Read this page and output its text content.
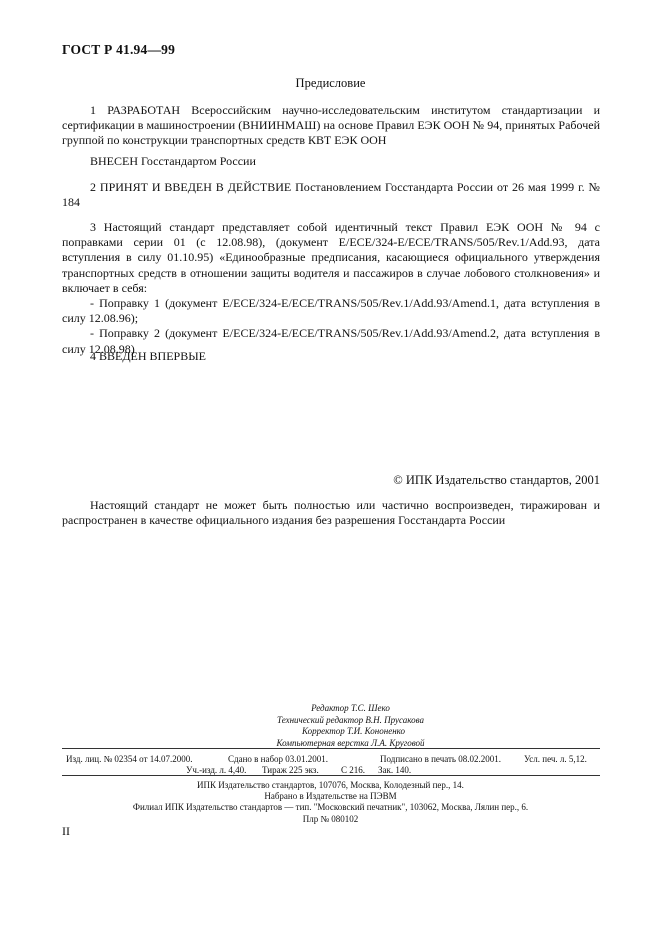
ГОСТ Р 41.94—99
Предисловие

1 РАЗРАБОТАН Всероссийским научно-исследовательским институтом стандартизации и сертификации в машиностроении (ВНИИНМАШ) на основе Правил ЕЭК ООН № 94, принятых Рабочей группой по конструкции транспортных средств КВТ ЕЭК ООН

ВНЕСЕН Госстандартом России

2 ПРИНЯТ И ВВЕДЕН В ДЕЙСТВИЕ Постановлением Госстандарта России от 26 мая 1999 г. № 184

3 Настоящий стандарт представляет собой идентичный текст Правил ЕЭК ООН № 94 с поправками серии 01 (с 12.08.98), (документ E/ECE/324-E/ECE/TRANS/505/Rev.1/Add.93, дата вступления в силу 01.10.95) «Единообразные предписания, касающиеся официального утверждения транспортных средств в отношении защиты водителя и пассажиров в случае лобового столкновения» и включает в себя:

- Поправку 1 (документ E/ECE/324-E/ECE/TRANS/505/Rev.1/Add.93/Amend.1, дата вступления в силу 12.08.96);

- Поправку 2 (документ E/ECE/324-E/ECE/TRANS/505/Rev.1/Add.93/Amend.2, дата вступления в силу 12.08.98)

4 ВВЕДЕН ВПЕРВЫЕ

© ИПК Издательство стандартов, 2001

Настоящий стандарт не может быть полностью или частично воспроизведен, тиражирован и распространен в качестве официального издания без разрешения Госстандарта России

Редактор Т.С. Шеко
Технический редактор В.Н. Прусакова
Корректор Т.И. Кононенко
Компьютерная верстка Л.А. Круговой
Изд. лиц. № 02354 от 14.07.2000.	Сдано в набор 03.01.2001.	Подписано в печать 08.02.2001.	Усл. печ. л. 5,12.
Уч.-изд. л. 4,40. Тираж 225 экз. С 216. Зак. 140.
ИПК Издательство стандартов, 107076, Москва, Колодезный пер., 14.
Набрано в Издательстве на ПЭВМ
Филиал ИПК Издательство стандартов — тип. "Московский печатник", 103062, Москва, Лялин пер., 6.
Плр № 080102
II
